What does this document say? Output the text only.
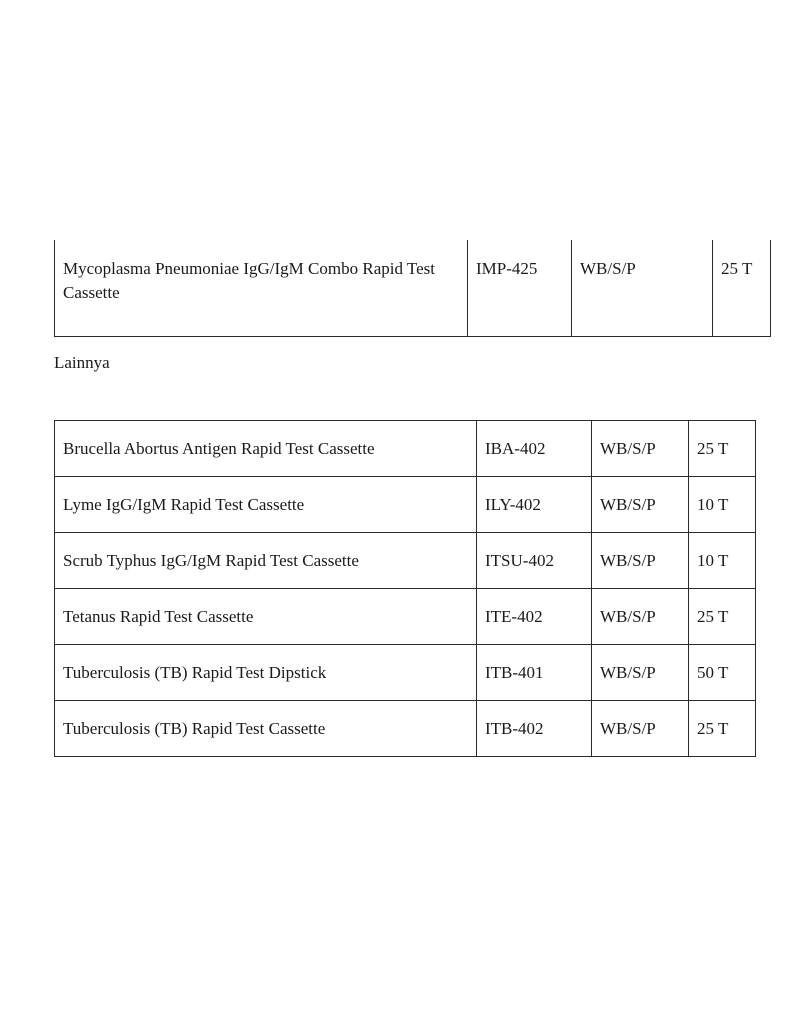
Mycoplasma Pneumoniae IgG/IgM Combo Rapid Test Cassette	IMP-425	WB/S/P	25 T
Lainnya
Brucella Abortus Antigen Rapid Test Cassette	IBA-402	WB/S/P	25 T
Lyme IgG/IgM Rapid Test Cassette	ILY-402	WB/S/P	10 T
Scrub Typhus IgG/IgM Rapid Test Cassette	ITSU-402	WB/S/P	10 T
Tetanus Rapid Test Cassette	ITE-402	WB/S/P	25 T
Tuberculosis (TB) Rapid Test Dipstick	ITB-401	WB/S/P	50 T
Tuberculosis (TB) Rapid Test Cassette	ITB-402	WB/S/P	25 T
